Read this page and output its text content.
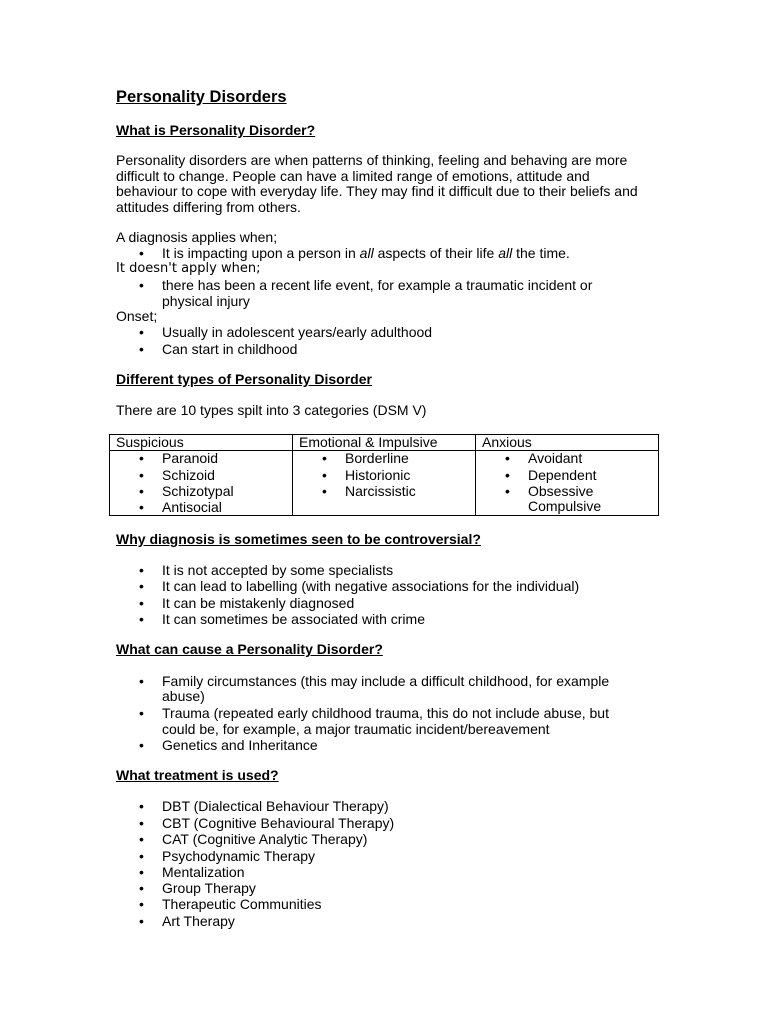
Personality Disorders
What is Personality Disorder?
Personality disorders are when patterns of thinking, feeling and behaving are more
difficult to change. People can have a limited range of emotions, attitude and
behaviour to cope with everyday life. They may find it difficult due to their beliefs and
attitudes differing from others.
A diagnosis applies when;
• It is impacting upon a person in all aspects of their life all the time.
It doesn't apply when;
• there has been a recent life event, for example a traumatic incident or
physical injury
Onset;
• Usually in adolescent years/early adulthood
• Can start in childhood
Different types of Personality Disorder
There are 10 types spilt into 3 categories (DSM V)
Suspicious	Emotional & Impulsive	Anxious
• Paranoid
• Schizoid
• Schizotypal
• Antisocial
• Borderline
• Historionic
• Narcissistic
• Avoidant
• Dependent
• Obsessive
Compulsive
Why diagnosis is sometimes seen to be controversial?
• It is not accepted by some specialists
• It can lead to labelling (with negative associations for the individual)
• It can be mistakenly diagnosed
• It can sometimes be associated with crime
What can cause a Personality Disorder?
• Family circumstances (this may include a difficult childhood, for example
abuse)
• Trauma (repeated early childhood trauma, this do not include abuse, but
could be, for example, a major traumatic incident/bereavement
• Genetics and Inheritance
What treatment is used?
• DBT (Dialectical Behaviour Therapy)
• CBT (Cognitive Behavioural Therapy)
• CAT (Cognitive Analytic Therapy)
• Psychodynamic Therapy
• Mentalization
• Group Therapy
• Therapeutic Communities
• Art Therapy
